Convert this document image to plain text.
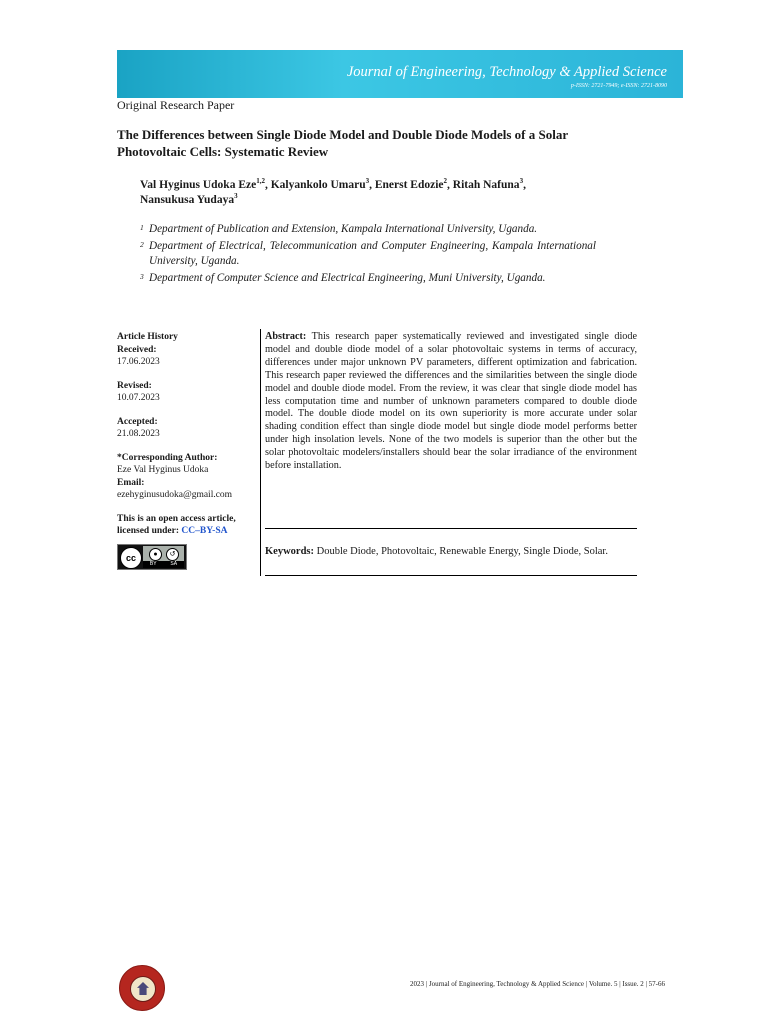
Journal of Engineering, Technology & Applied Science
p-ISSN: 2721-7949; e-ISSN: 2721-8090
Original Research Paper
The Differences between Single Diode Model and Double Diode Models of a Solar Photovoltaic Cells: Systematic Review
Val Hyginus Udoka Eze$^{1,2}$, Kalyankolo Umaru$^3$, Enerst Edozie$^2$, Ritah Nafuna$^3$,
Nansukusa Yudaya$^3$
1 Department of Publication and Extension, Kampala International University, Uganda.
2 Department of Electrical, Telecommunication and Computer Engineering, Kampala International University, Uganda.
3 Department of Computer Science and Electrical Engineering, Muni University, Uganda.
Article History
Received:
17.06.2023
Revised:
10.07.2023
Accepted:
21.08.2023
*Corresponding Author:
Eze Val Hyginus Udoka
Email:
ezehyginusudoka@gmail.com
This is an open access article, licensed under: CC–BY-SA
cc	●	↺
BY	SA
Abstract: This research paper systematically reviewed and investigated single diode model and double diode model of a solar photovoltaic systems in terms of accuracy, differences under major unknown PV parameters, different optimization and fabrication. This research paper reviewed the differences and the similarities between the single diode model and double diode model. From the review, it was clear that single diode model has less computation time and number of unknown parameters compared to double diode model. The double diode model on its own superiority is more accurate under solar shading condition effect than single diode model but single diode model performs better under high insolation levels. None of the two models is superior than the other but the solar photovoltaic modelers/installers should bear the solar irradiance of the environment before installation.
Keywords: Double Diode, Photovoltaic, Renewable Energy, Single Diode, Solar.
2023 | Journal of Engineering, Technology & Applied Science | Volume. 5 | Issue. 2 | 57-66
